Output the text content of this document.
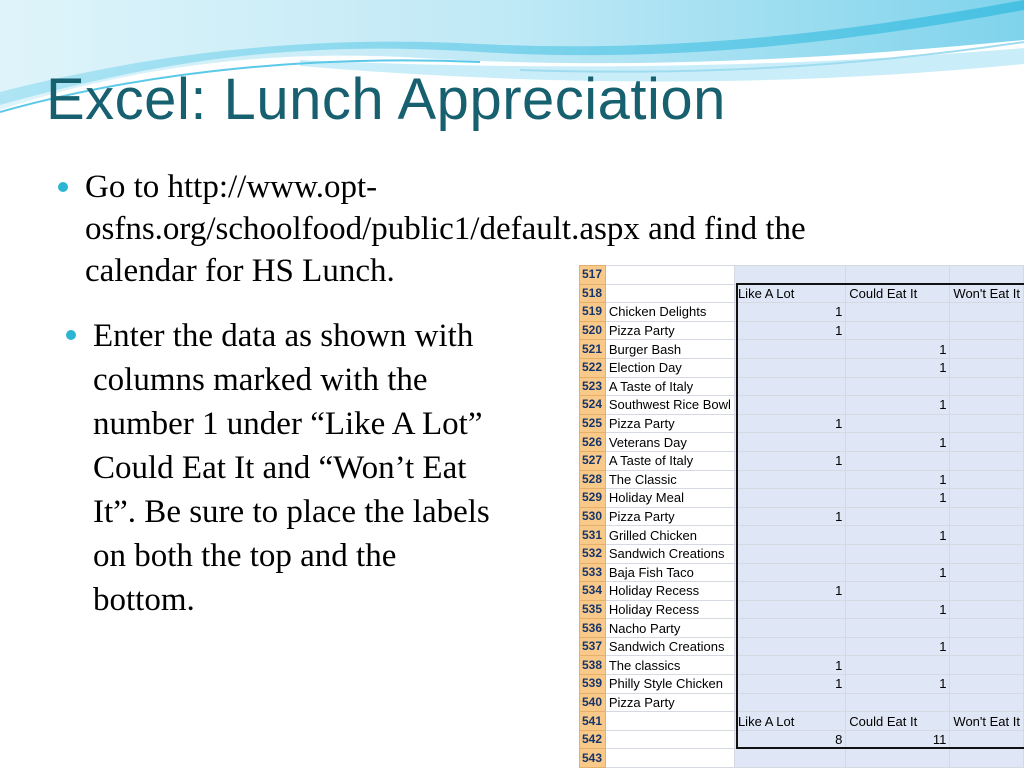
Excel: Lunch Appreciation
Go to http://www.opt-
osfns.org/schoolfood/public1/default.aspx and find the
calendar for HS Lunch.
Enter the data as shown with
columns marked with the
number 1 under “Like A Lot”
Could Eat It and “Won’t Eat
It”. Be sure to place the labels
on both the top and the
bottom.
517				
518		Like A Lot	Could Eat It	Won't Eat It
519	Chicken Delights	1		
520	Pizza Party	1		
521	Burger Bash		1	
522	Election Day		1	
523	A Taste of Italy			
524	Southwest Rice Bowl		1	
525	Pizza Party	1		
526	Veterans Day		1	
527	A Taste of Italy	1		
528	The Classic		1	
529	Holiday Meal		1	
530	Pizza Party	1		
531	Grilled Chicken		1	
532	Sandwich Creations			
533	Baja Fish Taco		1	
534	Holiday Recess	1		
535	Holiday Recess		1	
536	Nacho Party			
537	Sandwich Creations		1	
538	The classics	1		
539	Philly Style Chicken	1	1	
540	Pizza Party			
541		Like A Lot	Could Eat It	Won't Eat It
542		8	11	
543				
